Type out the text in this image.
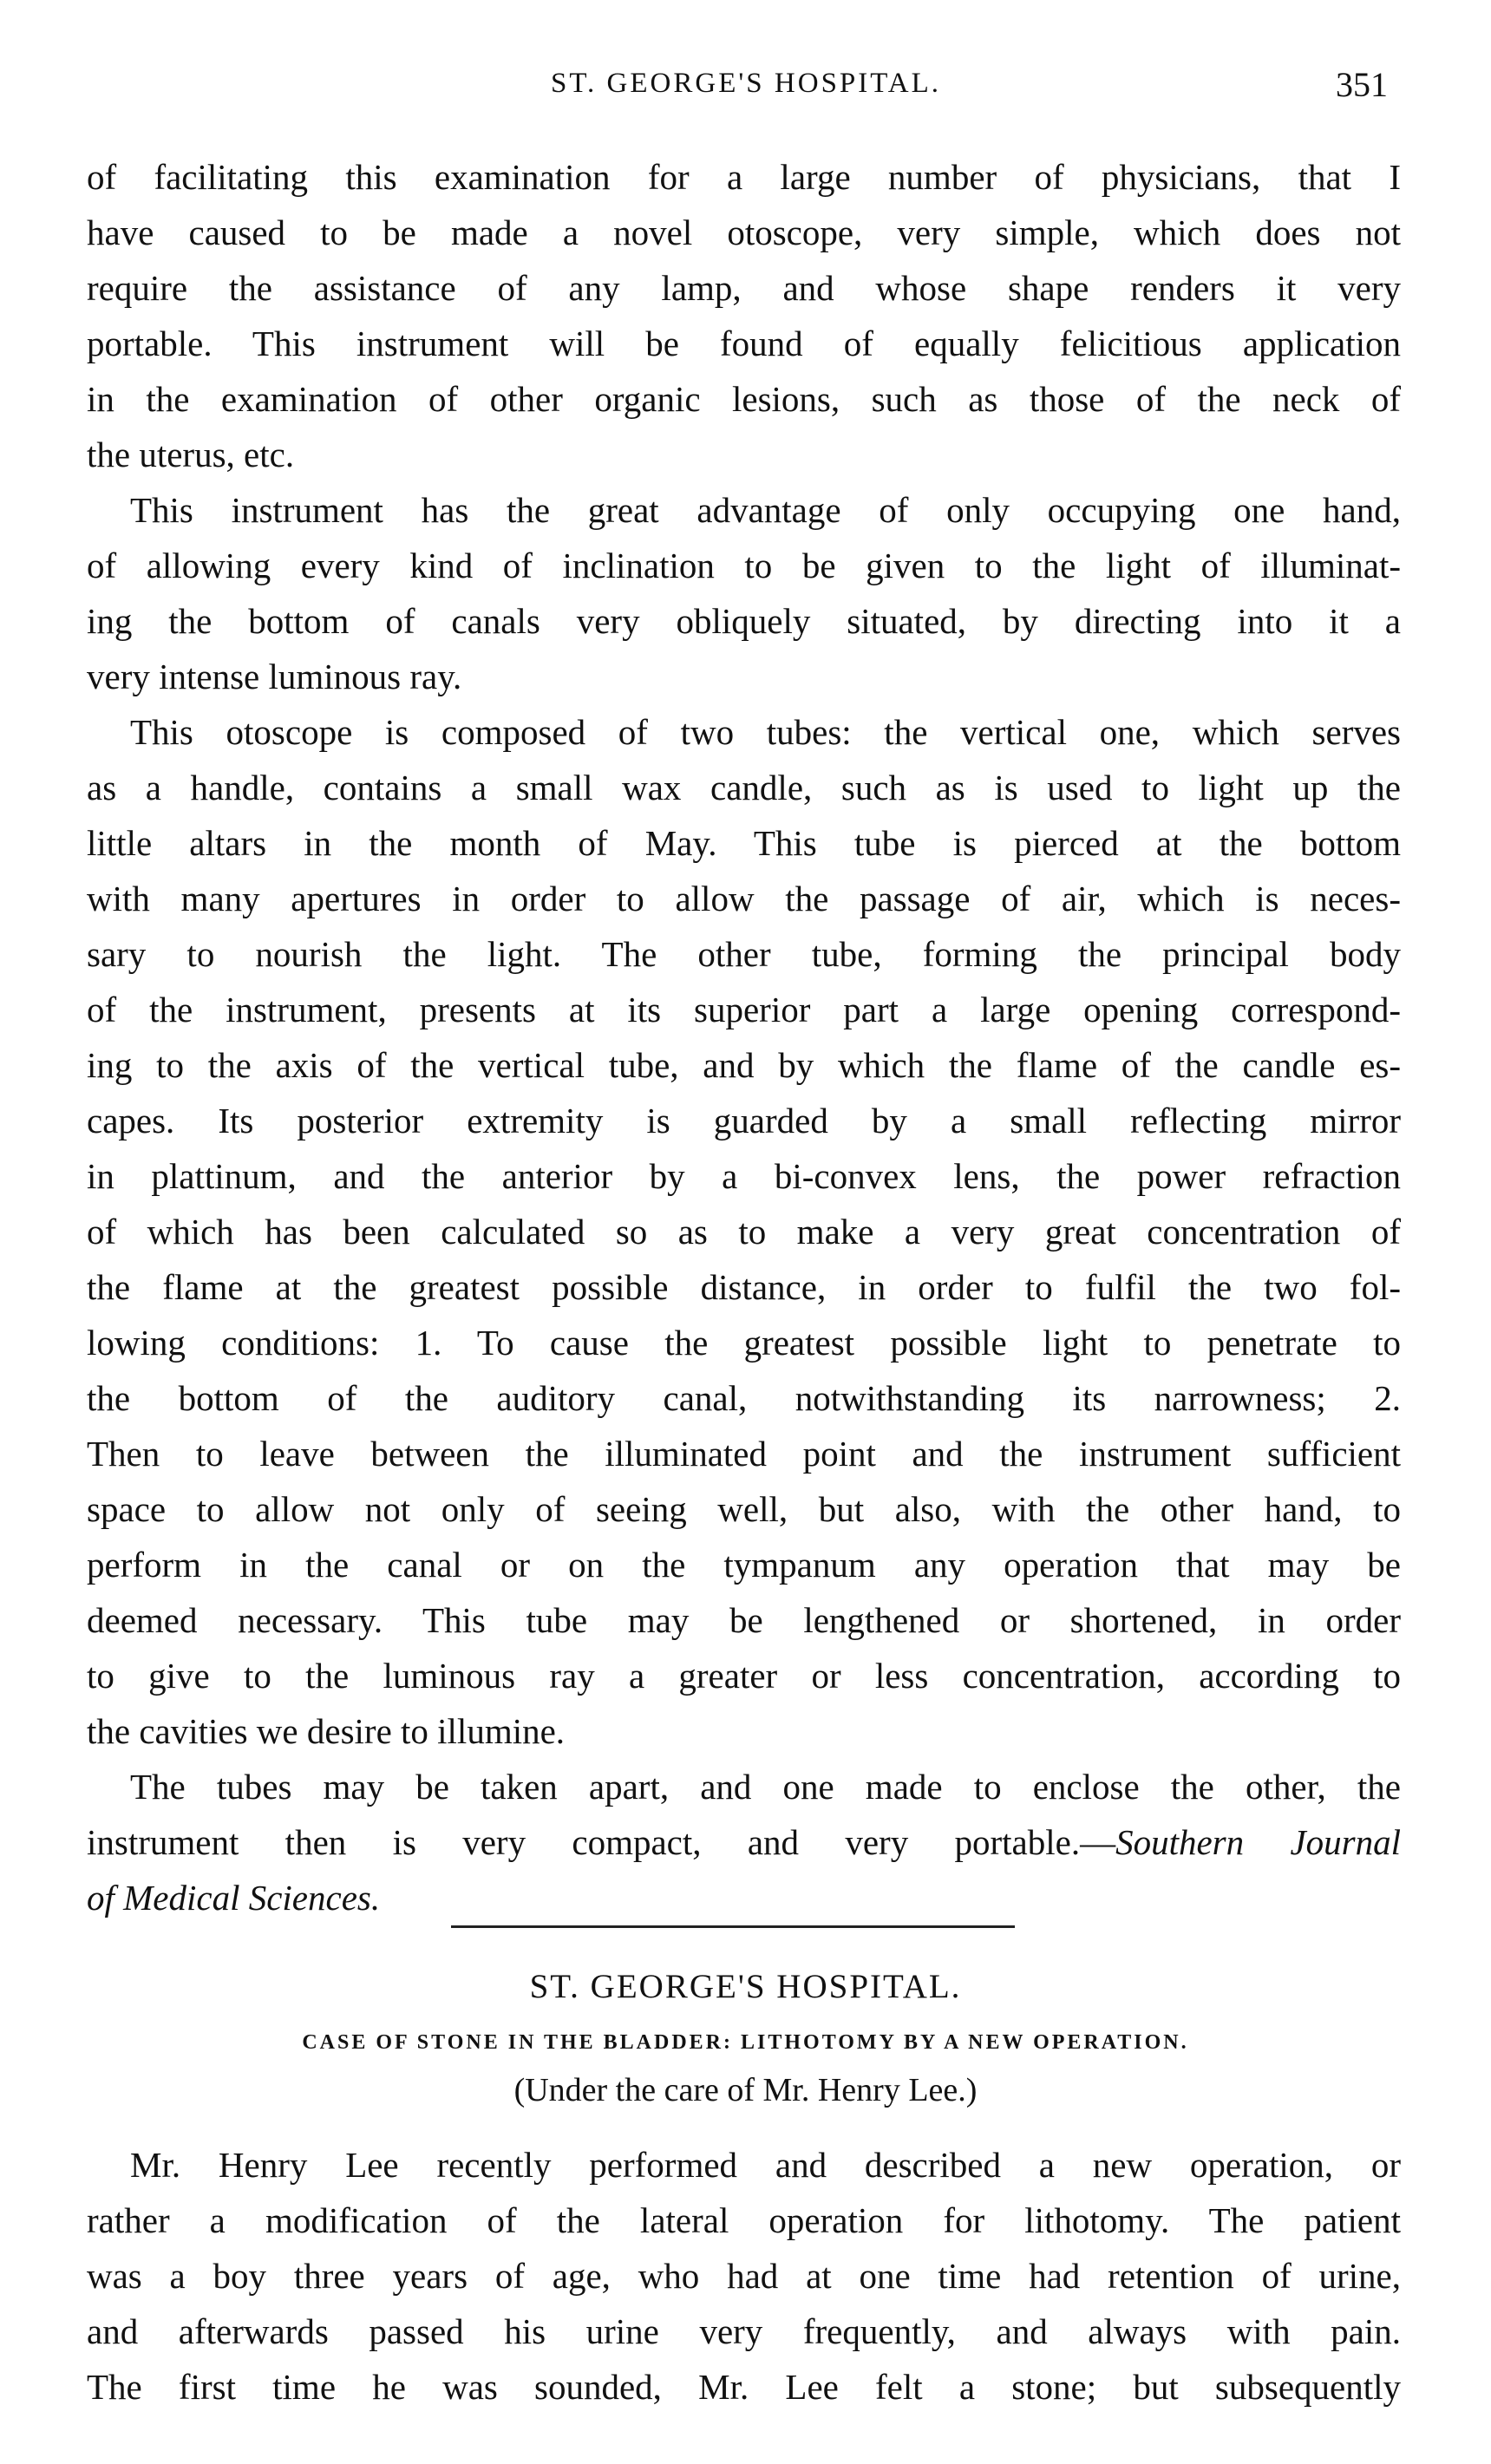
ST. GEORGE'S HOSPITAL.	351
of facilitating this examination for a large number of physicians, that I
have caused to be made a novel otoscope, very simple, which does not
require the assistance of any lamp, and whose shape renders it very
portable. This instrument will be found of equally felicitious application
in the examination of other organic lesions, such as those of the neck of
the uterus, etc.
This instrument has the great advantage of only occupying one hand,
of allowing every kind of inclination to be given to the light of illuminat-
ing the bottom of canals very obliquely situated, by directing into it a
very intense luminous ray.
This otoscope is composed of two tubes: the vertical one, which serves
as a handle, contains a small wax candle, such as is used to light up the
little altars in the month of May. This tube is pierced at the bottom
with many apertures in order to allow the passage of air, which is neces-
sary to nourish the light. The other tube, forming the principal body
of the instrument, presents at its superior part a large opening correspond-
ing to the axis of the vertical tube, and by which the flame of the candle es-
capes. Its posterior extremity is guarded by a small reflecting mirror
in plattinum, and the anterior by a bi-convex lens, the power refraction
of which has been calculated so as to make a very great concentration of
the flame at the greatest possible distance, in order to fulfil the two fol-
lowing conditions: 1. To cause the greatest possible light to penetrate to
the bottom of the auditory canal, notwithstanding its narrowness; 2.
Then to leave between the illuminated point and the instrument sufficient
space to allow not only of seeing well, but also, with the other hand, to
perform in the canal or on the tympanum any operation that may be
deemed necessary. This tube may be lengthened or shortened, in order
to give to the luminous ray a greater or less concentration, according to
the cavities we desire to illumine.
The tubes may be taken apart, and one made to enclose the other, the
instrument then is very compact, and very portable.—Southern Journal
of Medical Sciences.
ST. GEORGE'S HOSPITAL.
CASE OF STONE IN THE BLADDER: LITHOTOMY BY A NEW OPERATION.
(Under the care of Mr. Henry Lee.)
Mr. Henry Lee recently performed and described a new operation, or
rather a modification of the lateral operation for lithotomy. The patient
was a boy three years of age, who had at one time had retention of urine,
and afterwards passed his urine very frequently, and always with pain.
The first time he was sounded, Mr. Lee felt a stone; but subsequently
